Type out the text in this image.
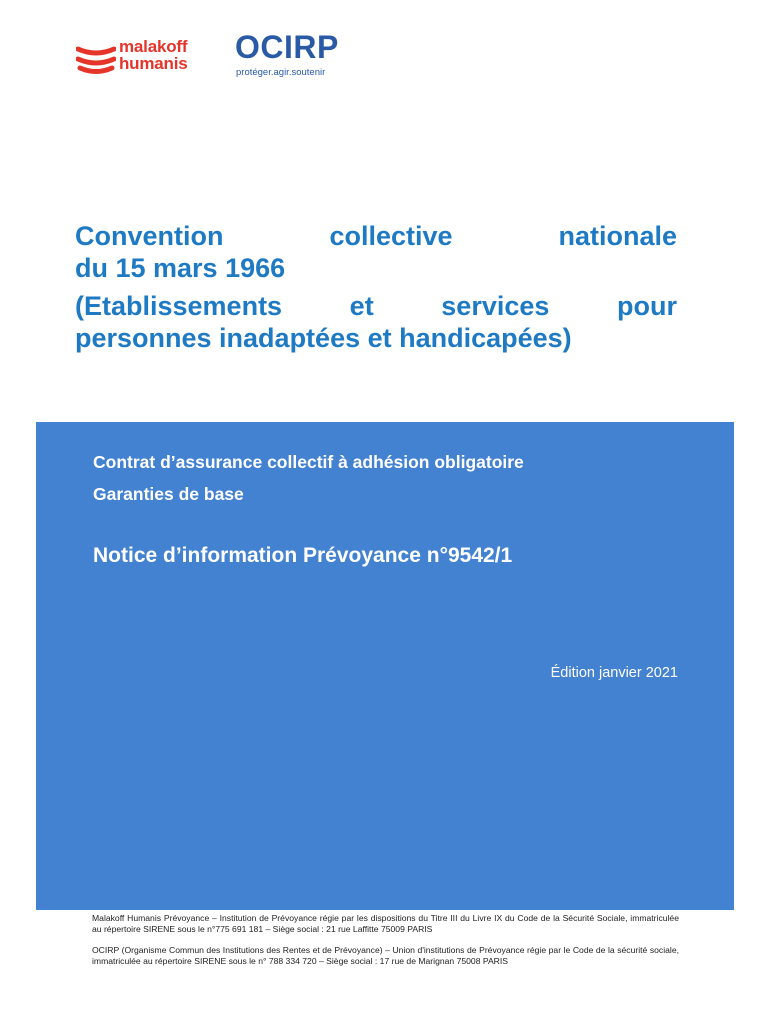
malakoff
humanis OCIRP
protéger.agir.soutenir
Convention collective nationale
du 15 mars 1966
(Etablissements et services pour
personnes inadaptées et handicapées)
Contrat d’assurance collectif à adhésion obligatoire
Garanties de base
Notice d’information Prévoyance n°9542/1
Édition janvier 2021

Malakoff Humanis Prévoyance – Institution de Prévoyance régie par les dispositions du Titre III du Livre IX du Code de la Sécurité Sociale, immatriculée au répertoire SIRENE sous le n°775 691 181 – Siège social : 21 rue Laffitte 75009 PARIS

OCIRP (Organisme Commun des Institutions des Rentes et de Prévoyance) – Union d'institutions de Prévoyance régie par le Code de la sécurité sociale, immatriculée au répertoire SIRENE sous le n° 788 334 720 – Siège social : 17 rue de Marignan 75008 PARIS
